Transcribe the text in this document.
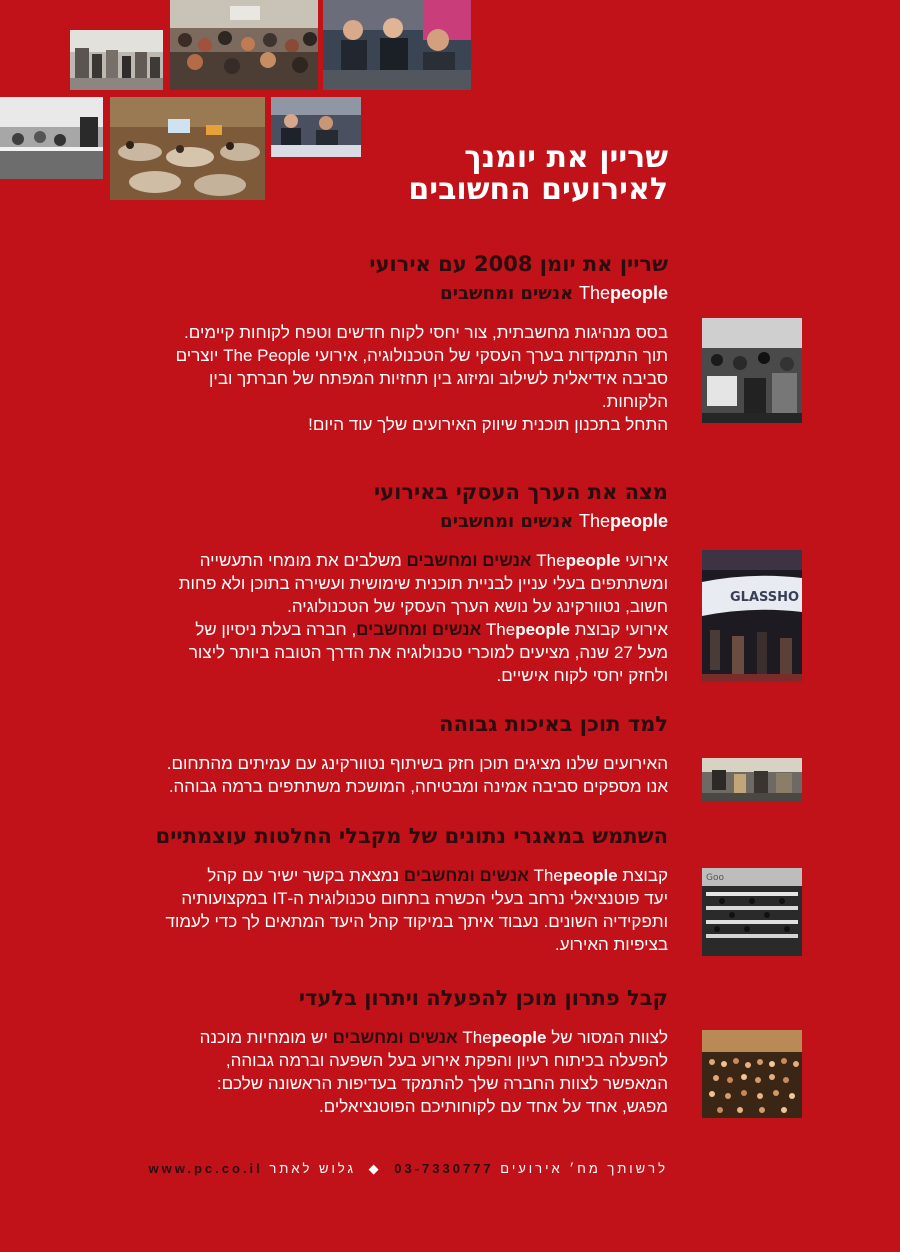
שריין את יומנך
לאירועים החשובים
שריין את יומן 2008 עם אירועי
Thepeople אנשים ומחשבים

בסס מנהיגות מחשבתית, צור יחסי לקוח חדשים וטפח לקוחות קיימים.

תוך התמקדות בערך העסקי של הטכנולוגיה, אירועי The People יוצרים

סביבה אידיאלית לשילוב ומיזוג בין תחזיות המפתח של חברתך ובין

הלקוחות.

התחל בתכנון תוכנית שיווק האירועים שלך עוד היום!

מצה את הערך העסקי באירועי
Thepeople אנשים ומחשבים

אירועי Thepeople אנשים ומחשבים משלבים את מומחי התעשייה

ומשתתפים בעלי עניין לבניית תוכנית שימושית ועשירה בתוכן ולא פחות

חשוב, נטוורקינג על נושא הערך העסקי של הטכנולוגיה.

אירועי קבוצת Thepeople אנשים ומחשבים, חברה בעלת ניסיון של

מעל 27 שנה, מציעים למוכרי טכנולוגיה את הדרך הטובה ביותר ליצור

ולחזק יחסי לקוח אישיים.

GLASSHO
למד תוכן באיכות גבוהה

האירועים שלנו מציגים תוכן חזק בשיתוף נטוורקינג עם עמיתים מהתחום.

אנו מספקים סביבה אמינה ומבטיחה, המושכת משתתפים ברמה גבוהה.

השתמש במאגרי נתונים של מקבלי החלטות עוצמתיים

קבוצת Thepeople אנשים ומחשבים נמצאת בקשר ישיר עם קהל

יעד פוטנציאלי נרחב בעלי הכשרה בתחום טכנולוגית ה-IT במקצועותיה

ותפקידיה השונים. נעבוד איתך במיקוד קהל היעד המתאים לך כדי לעמוד

בציפיות האירוע.

Goo
קבל פתרון מוכן להפעלה ויתרון בלעדי

לצוות המסור של Thepeople אנשים ומחשבים יש מומחיות מוכנה

להפעלה בכיתוח רעיון והפקת אירוע בעל השפעה וברמה גבוהה,

המאפשר לצוות החברה שלך להתמקד בעדיפות הראשונה שלכם:

מפגש, אחד על אחד עם לקוחותיכם הפוטנציאלים.

לרשותך מח׳ אירועים 03-7330777 ◆ גלוש לאתר www.pc.co.il
